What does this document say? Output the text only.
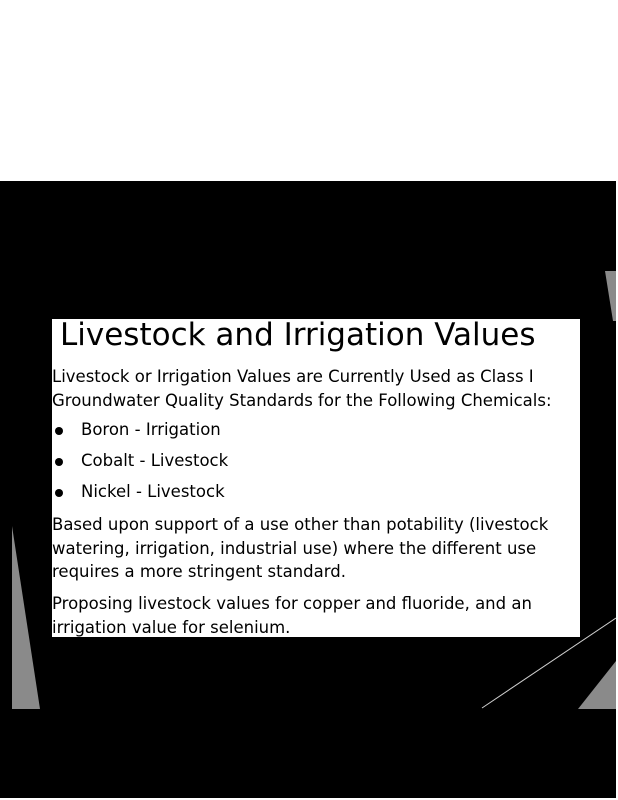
Livestock and Irrigation Values

Livestock or Irrigation Values are Currently Used as Class I Groundwater Quality Standards for the Following Chemicals:

Boron - Irrigation
Cobalt - Livestock
Nickel - Livestock

Based upon support of a use other than potability (livestock watering, irrigation, industrial use) where the different use requires a more stringent standard.

Proposing livestock values for copper and fluoride, and an irrigation value for selenium.
